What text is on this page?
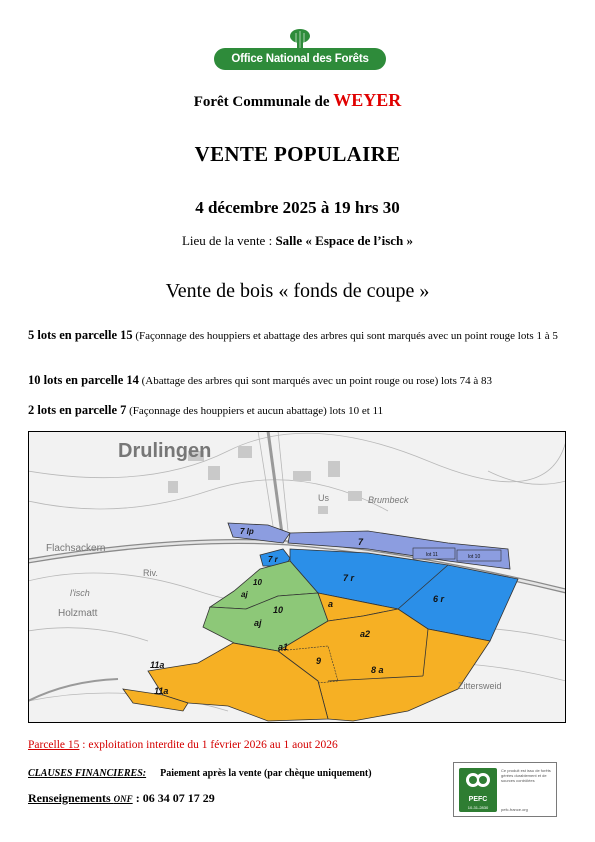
Office National des Forêts
Forêt Communale de WEYER
VENTE POPULAIRE
4 décembre 2025 à 19 hrs 30
Lieu de la vente : Salle « Espace de l’isch »
Vente de bois « fonds de coupe »
5 lots en parcelle 15 (Façonnage des houppiers et abattage des arbres qui sont marqués avec un point rouge lots 1 à 5
10 lots en parcelle 14 (Abattage des arbres qui sont marqués avec un point rouge ou rose) lots 74 à 83
2 lots en parcelle 7 (Façonnage des houppiers et aucun abattage) lots 10 et 11
Drulingen
Flachsackern
Holzmatt
Zittersweid
Brumbeck
l'isch
Riv.
Us
7 lp
7
lot 11	lot 10
7 r
7 r
6 r
10
aj
10
aj
a
a1
a2
9
8 a
11a
11a
Parcelle 15 : exploitation interdite du 1 février 2026 au 1 aout 2026
CLAUSES FINANCIERES: Paiement après la vente (par chèque uniquement)
Renseignements ONF : 06 34 07 17 29	PEFC
10-31-2830
Ce produit est issu de forêts gérées durablement et de sources contrôlées
pefc-france.org
